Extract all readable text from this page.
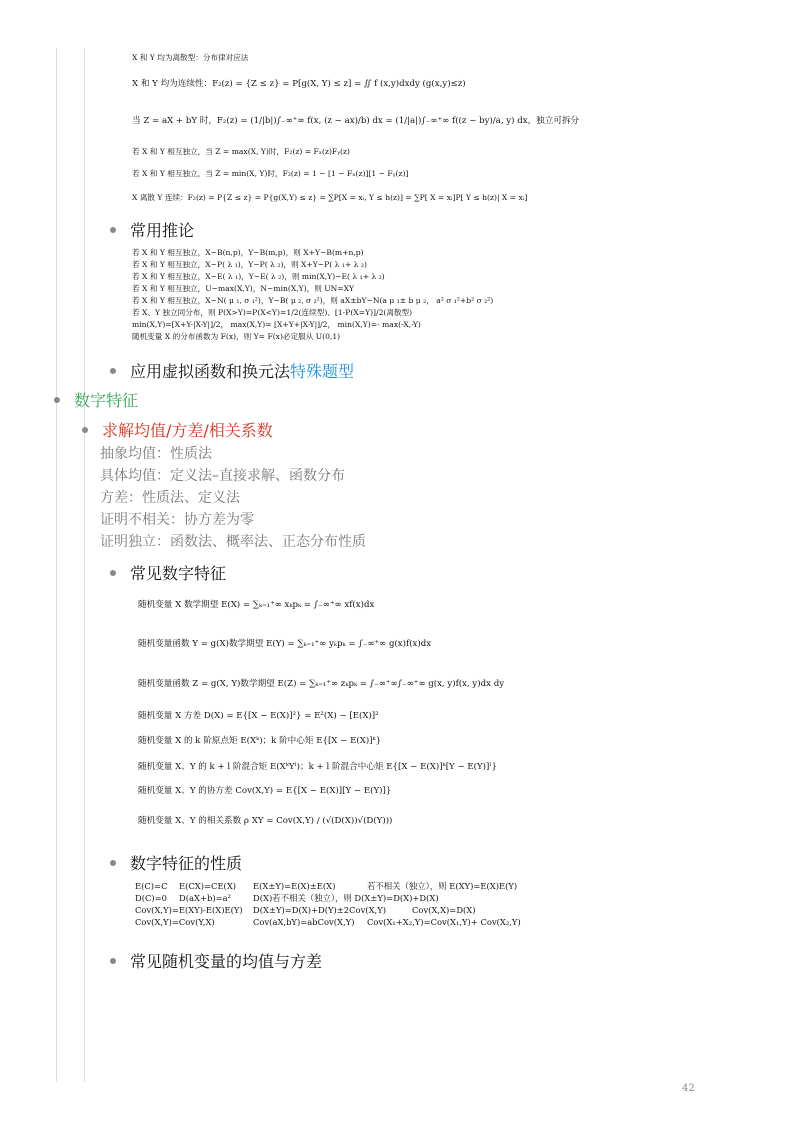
X 和 Y 均为离散型：分布律对应法
X 和 Y 均为连续性：F₂(z) = {Z ≤ z} = P[g(X, Y) ≤ z] = ∬ f (x,y)dxdy (g(x,y)≤z)
当 Z = aX + bY 时，F₂(z) = (1/|b|)∫₋∞⁺∞ f(x, (z − ax)/b) dx = (1/|a|)∫₋∞⁺∞ f((z − by)/a, y) dx，独立可拆分
若 X 和 Y 相互独立，当 Z = max(X, Y)时，F₂(z) = Fₓ(z)Fᵧ(z)
若 X 和 Y 相互独立，当 Z = min(X, Y)时，F₂(z) = 1 − [1 − Fₓ(z)][1 − Fᵧ(z)]
X 离散 Y 连续：F₂(z) = P{Z ≤ z} = P{g(X,Y) ≤ z} = ∑P[X = xᵢ, Y ≤ h(z)] = ∑P[ X = xᵢ]P[ Y ≤ h(z)| X = xᵢ]
常用推论
若 X 和 Y 相互独立，X~B(n,p)，Y~B(m,p)，则 X+Y~B(m+n,p)
若 X 和 Y 相互独立，X~P( λ ₁)，Y~P( λ ₂)，则 X+Y~P( λ ₁+ λ ₂)
若 X 和 Y 相互独立，X~E( λ ₁)，Y~E( λ ₂)，则 min(X,Y)~E( λ ₁+ λ ₂)
若 X 和 Y 相互独立，U~max(X,Y)，N~min(X,Y)，则 UN=XY
若 X 和 Y 相互独立，X~N( μ ₁, σ ₁²)，Y~B( μ ₂, σ ₂²)，则 aX±bY~N(a μ ₁± b μ ₂， a² σ ₁²+b² σ ₂²)
若 X、Y 独立同分布，则 P(X>Y)=P(X<Y)=1/2(连续型)、[1-P(X=Y)]/2(离散型)
min(X,Y)=[X+Y-|X-Y|]/2， max(X,Y)= [X+Y+|X-Y|]/2， min(X,Y)=- max(-X,-Y)
随机变量 X 的分布函数为 F(x)，则 Y= F(x)必定服从 U(0,1)
应用虚拟函数和换元法 特殊题型
数字特征
求解均值/方差/相关系数
抽象均值：性质法
具体均值：定义法–直接求解、函数分布
方差：性质法、定义法
证明不相关：协方差为零
证明独立：函数法、概率法、正态分布性质
常见数字特征
随机变量 X 数学期望 E(X) = ∑ₖ₌₁⁺∞ xₖpₖ = ∫₋∞⁺∞ xf(x)dx
随机变量函数 Y = g(X)数学期望 E(Y) = ∑ₖ₌₁⁺∞ yₖpₖ = ∫₋∞⁺∞ g(x)f(x)dx
随机变量函数 Z = g(X, Y)数学期望 E(Z) = ∑ₖ₌₁⁺∞ zₖpₖ = ∫₋∞⁺∞∫₋∞⁺∞ g(x, y)f(x, y)dx dy
随机变量 X 方差 D(X) = E{[X − E(X)]²} = E²(X) − [E(X)]²
随机变量 X 的 k 阶原点矩 E(Xᵏ)；k 阶中心矩 E{[X − E(X)]ᵏ}
随机变量 X、Y 的 k + l 阶混合矩 E(XᵏYˡ)；k + l 阶混合中心矩 E{[X − E(X)]ᵏ[Y − E(Y)]ˡ}
随机变量 X、Y 的协方差 Cov(X,Y) = E{[X − E(X)][Y − E(Y)]}
随机变量 X、Y 的相关系数 ρ XY = Cov(X,Y) / (√(D(X))√(D(Y)))
数字特征的性质
E(C)=C E(CX)=CE(X) E(X±Y)=E(X)±E(X)	若不相关（独立），则 E(XY)=E(X)E(Y)
D(C)=0 D(aX+b)=a²	D(X)若不相关（独立），则 D(X±Y)=D(X)+D(X)
Cov(X,Y)=E(XY)-E(X)E(Y) D(X±Y)=D(X)+D(Y)±2Cov(X,Y)	Cov(X,X)=D(X)
Cov(X,Y)=Cov(Y,X)	Cov(aX,bY)=abCov(X,Y) Cov(X₁+X₂,Y)=Cov(X₁,Y)+ Cov(X₂,Y)
常见随机变量的均值与方差
42
